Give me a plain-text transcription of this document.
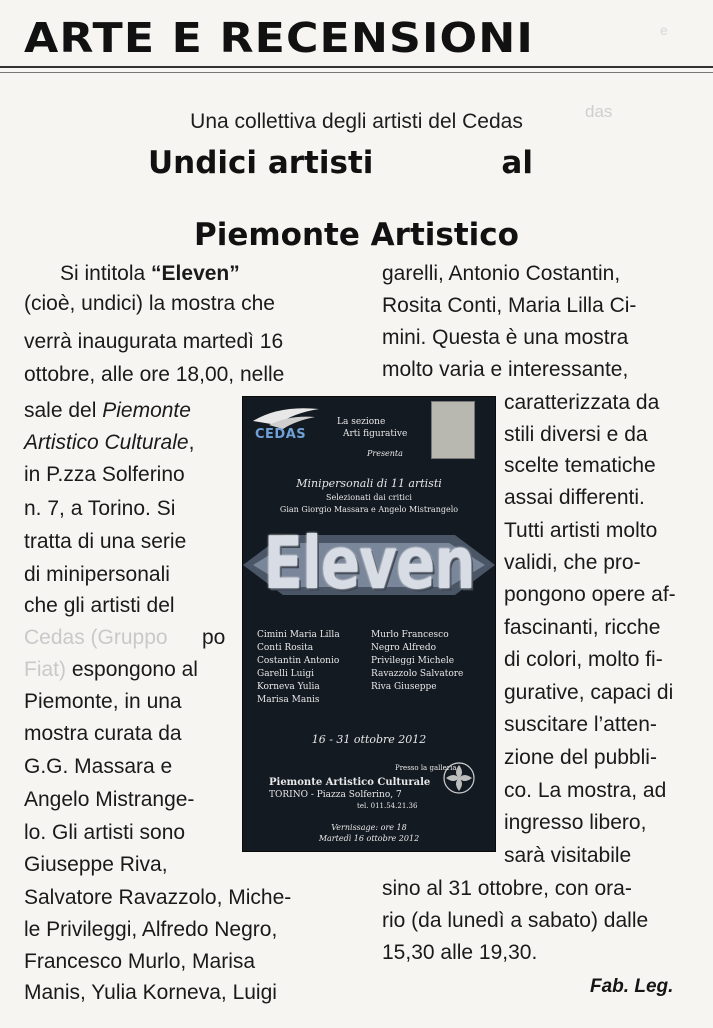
ARTE E RECENSIONI	e
das
Una collettiva degli artisti del Cedas
Undici artisti	al
Piemonte Artistico
Si intitola “Eleven”
(cioè, undici) la mostra che
verrà inaugurata martedì 16
ottobre, alle ore 18,00, nelle
sale del Piemonte
Artistico Culturale,
in P.zza Solferino
n. 7, a Torino. Si
tratta di una serie
di minipersonali
che gli artisti del
Cedas (Gruppo po
Fiat) espongono al
Piemonte, in una
mostra curata da
G.G. Massara e
Angelo Mistrange-
lo. Gli artisti sono
Giuseppe Riva,
Salvatore Ravazzolo, Miche-
le Privileggi, Alfredo Negro,
Francesco Murlo, Marisa
Manis, Yulia Korneva, Luigi
garelli, Antonio Costantin,
Rosita Conti, Maria Lilla Ci-
mini. Questa è una mostra
molto varia e interessante,
caratterizzata da
stili diversi e da
scelte tematiche
assai differenti.
Tutti artisti molto
validi, che pro-
pongono opere af-
fascinanti, ricche
di colori, molto fi-
gurative, capaci di
suscitare l’atten-
zione del pubbli-
co. La mostra, ad
ingresso libero,
sarà visitabile
sino al 31 ottobre, con ora-
rio (da lunedì a sabato) dalle
15,30 alle 19,30.
Fab. Leg.
CEDAS
La sezione
Arti figurative
Presenta
Minipersonali di 11 artisti
Selezionati dai critici
Gian Giorgio Massara e Angelo Mistrangelo
Eleven
Cimini Maria Lilla
Conti Rosita
Costantin Antonio
Garelli Luigi
Korneva Yulia
Marisa Manis
Murlo Francesco
Negro Alfredo
Privileggi Michele
Ravazzolo Salvatore
Riva Giuseppe
16 - 31 ottobre 2012
Presso la galleria
Piemonte Artistico Culturale
TORINO - Piazza Solferino, 7
tel. 011.54.21.36
Vernissage: ore 18
Martedì 16 ottobre 2012
